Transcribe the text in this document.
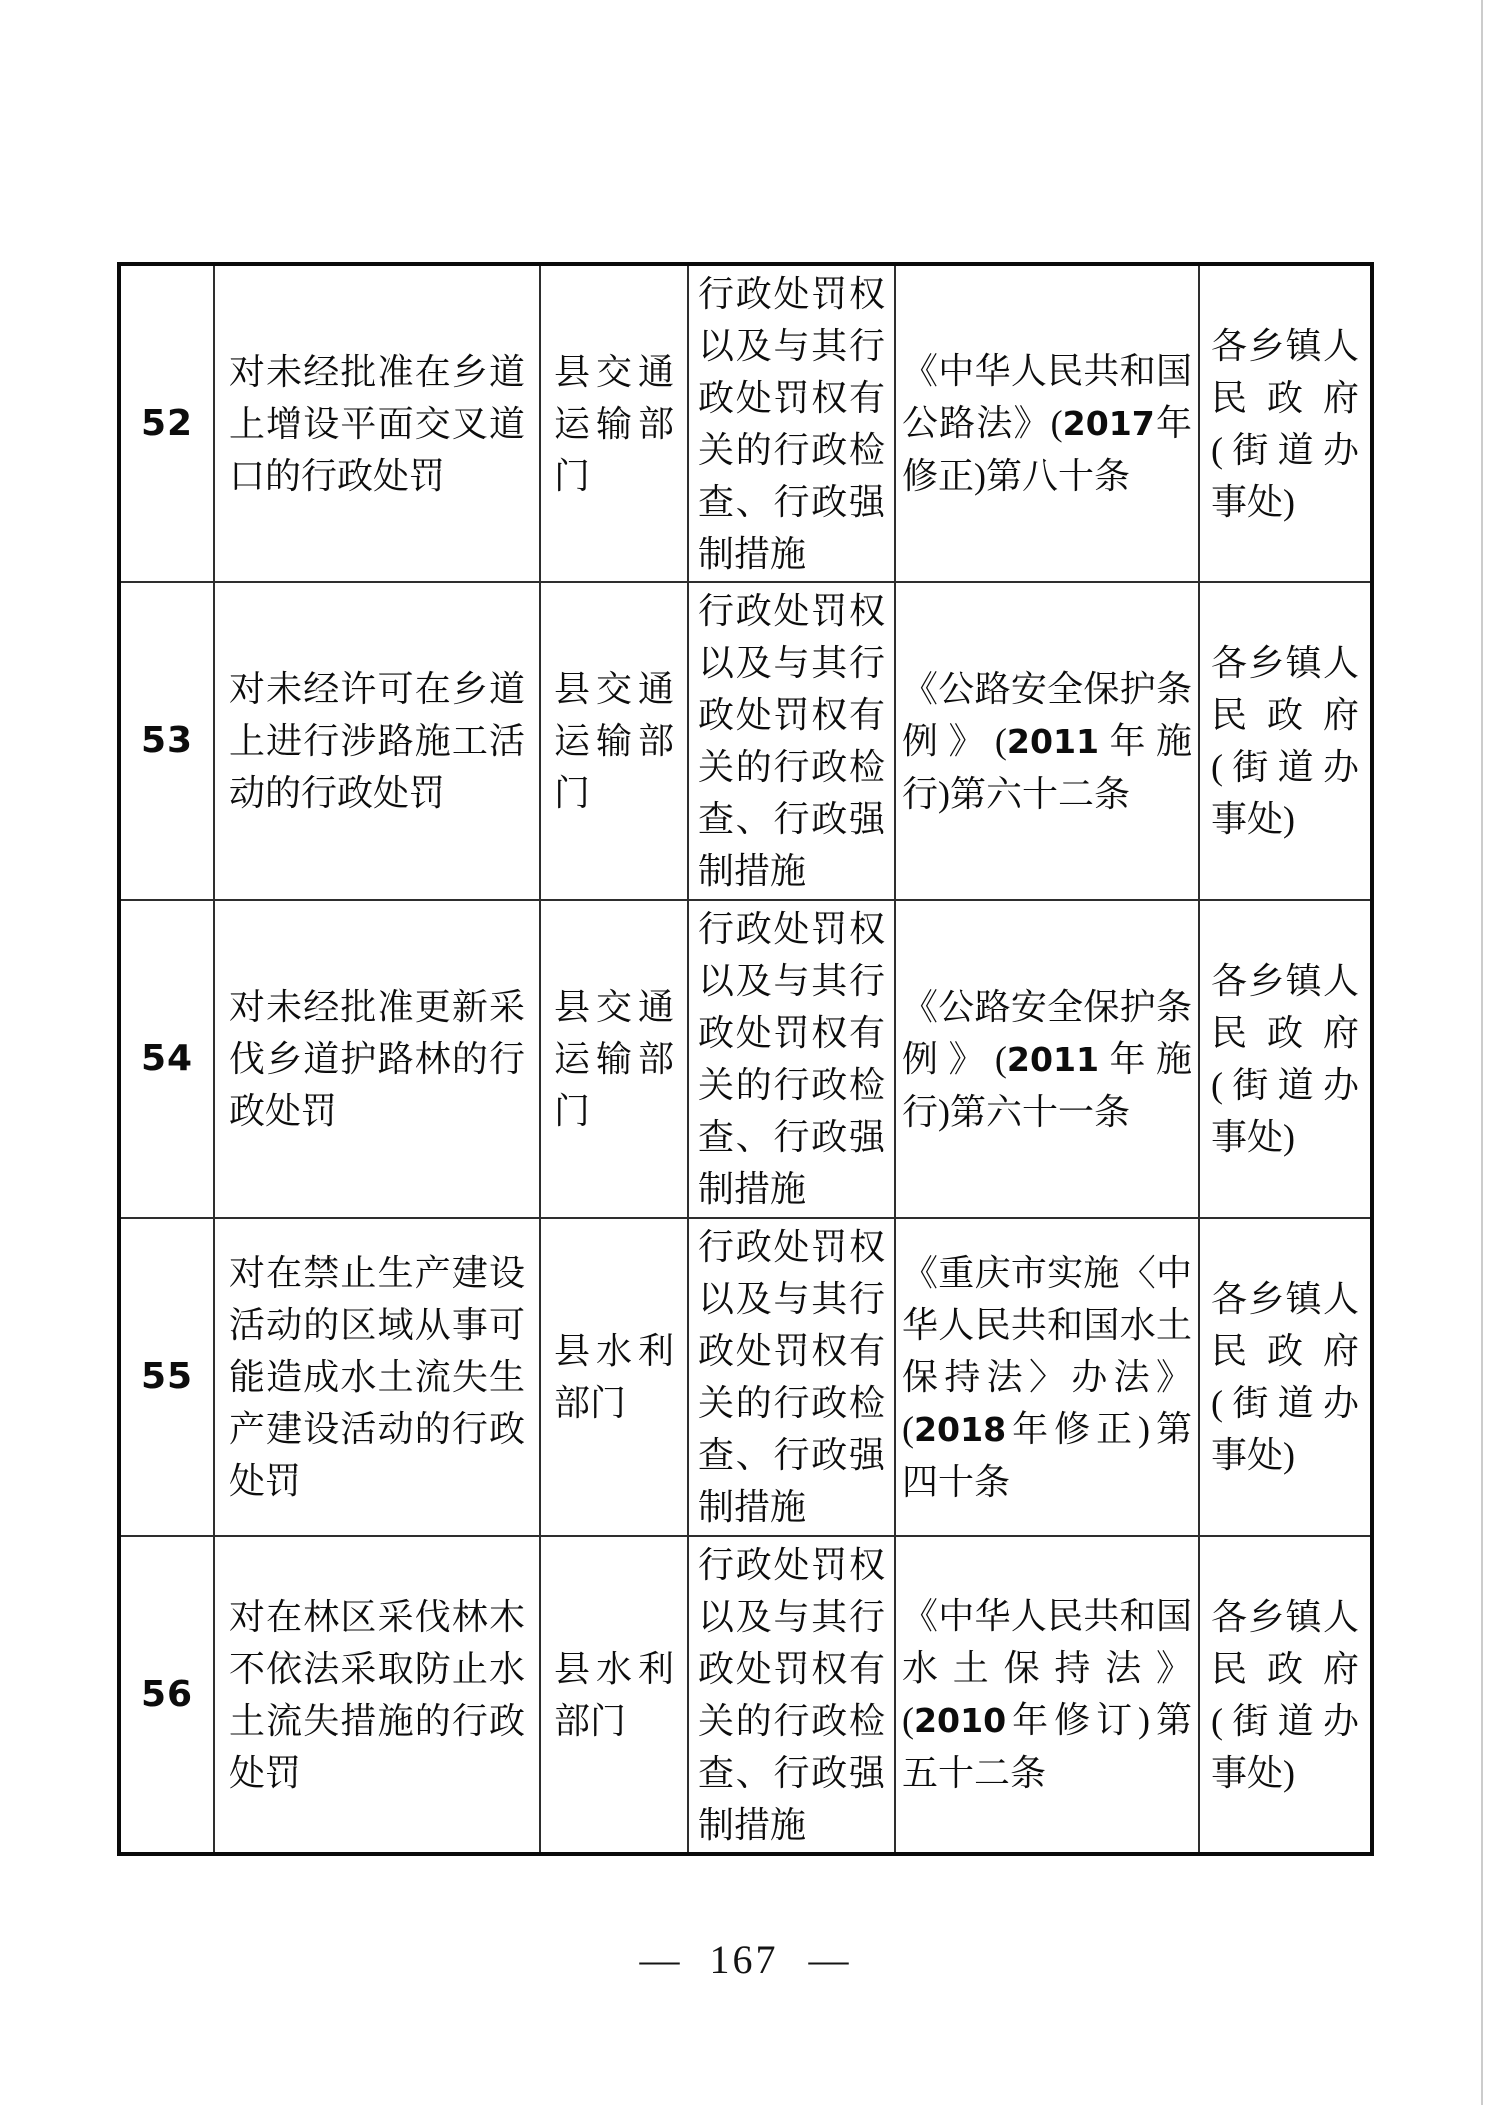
52	对未经批准在乡道上增设平面交叉道口的行政处罚	县交通运输部门	行政处罚权以及与其行政处罚权有关的行政检查、行政强制措施	《中华人民共和国公路法》(2017年修正)第八十条	各乡镇人民政府(街道办事处)
53	对未经许可在乡道上进行涉路施工活动的行政处罚	县交通运输部门	行政处罚权以及与其行政处罚权有关的行政检查、行政强制措施	《公路安全保护条例》(2011年施行)第六十二条	各乡镇人民政府(街道办事处)
54	对未经批准更新采伐乡道护路林的行政处罚	县交通运输部门	行政处罚权以及与其行政处罚权有关的行政检查、行政强制措施	《公路安全保护条例》(2011年施行)第六十一条	各乡镇人民政府(街道办事处)
55	对在禁止生产建设活动的区域从事可能造成水土流失生产建设活动的行政处罚	县水利部门	行政处罚权以及与其行政处罚权有关的行政检查、行政强制措施	《重庆市实施〈中华人民共和国水土保持法〉办法》(2018年修正)第四十条	各乡镇人民政府(街道办事处)
56	对在林区采伐林木不依法采取防止水土流失措施的行政处罚	县水利部门	行政处罚权以及与其行政处罚权有关的行政检查、行政强制措施	《中华人民共和国水土保持法》(2010年修订)第五十二条	各乡镇人民政府(街道办事处)
— 167 —
